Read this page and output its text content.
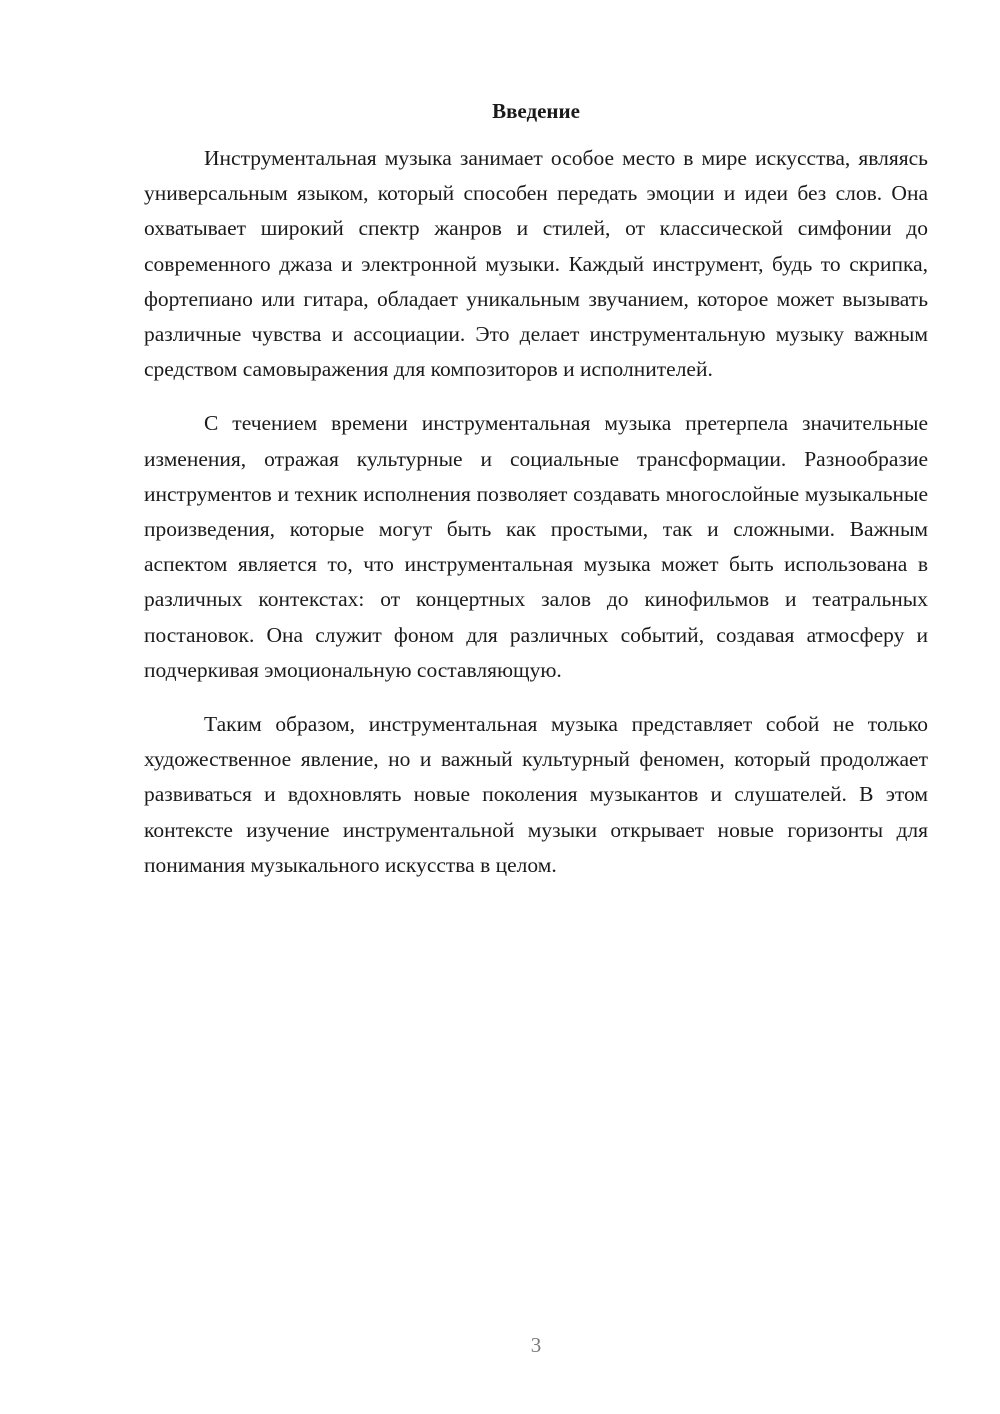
Введение

Инструментальная музыка занимает особое место в мире искусства, являясь универсальным языком, который способен передать эмоции и идеи без слов. Она охватывает широкий спектр жанров и стилей, от классической симфонии до современного джаза и электронной музыки. Каждый инструмент, будь то скрипка, фортепиано или гитара, обладает уникальным звучанием, которое может вызывать различные чувства и ассоциации. Это делает инструментальную музыку важным средством самовыражения для композиторов и исполнителей.

С течением времени инструментальная музыка претерпела значительные изменения, отражая культурные и социальные трансформации. Разнообразие инструментов и техник исполнения позволяет создавать многослойные музыкальные произведения, которые могут быть как простыми, так и сложными. Важным аспектом является то, что инструментальная музыка может быть использована в различных контекстах: от концертных залов до кинофильмов и театральных постановок. Она служит фоном для различных событий, создавая атмосферу и подчеркивая эмоциональную составляющую.

Таким образом, инструментальная музыка представляет собой не только художественное явление, но и важный культурный феномен, который продолжает развиваться и вдохновлять новые поколения музыкантов и слушателей. В этом контексте изучение инструментальной музыки открывает новые горизонты для понимания музыкального искусства в целом.

3
